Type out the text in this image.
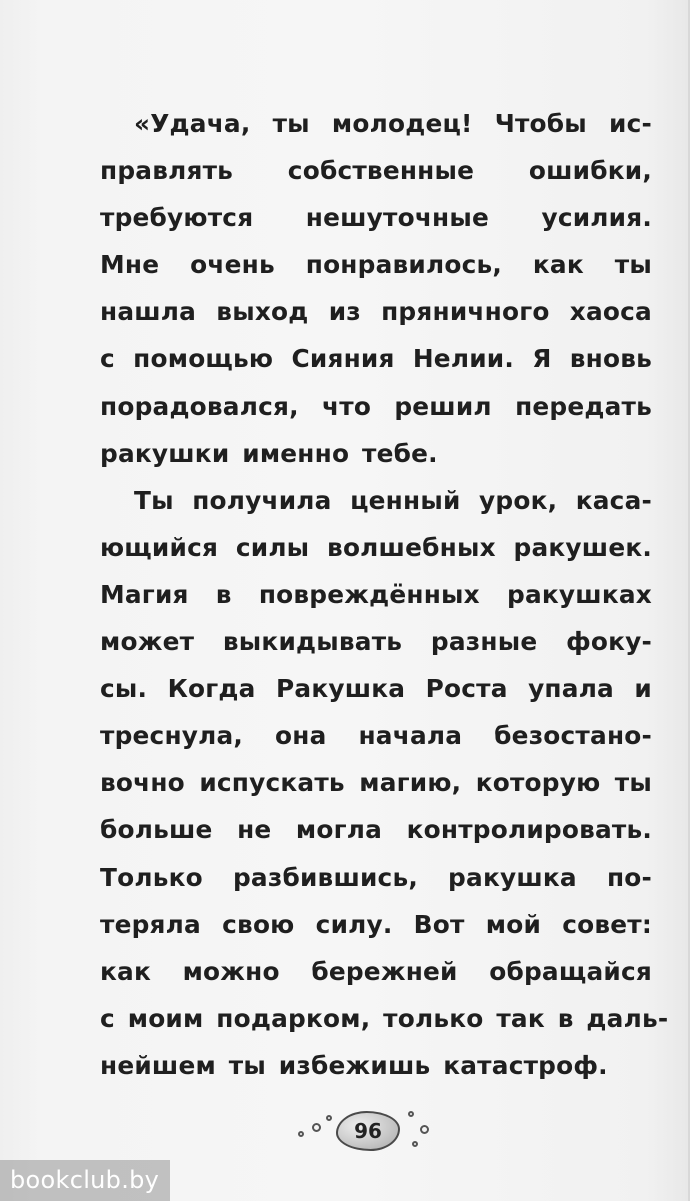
«Удача, ты молодец! Чтобы ис-
правлять собственные ошибки,
требуются нешуточные усилия.
Мне очень понравилось, как ты
нашла выход из пряничного хаоса
с помощью Сияния Нелии. Я вновь
порадовался, что решил передать
ракушки именно тебе.
Ты получила ценный урок, каса-
ющийся силы волшебных ракушек.
Магия в повреждённых ракушках
может выкидывать разные фоку-
сы. Когда Ракушка Роста упала и
треснула, она начала безостано-
вочно испускать магию, которую ты
больше не могла контролировать.
Только разбившись, ракушка по-
теряла свою силу. Вот мой совет:
как можно бережней обращайся
с моим подарком, только так в даль-
нейшем ты избежишь катастроф.
96
bookclub.by
